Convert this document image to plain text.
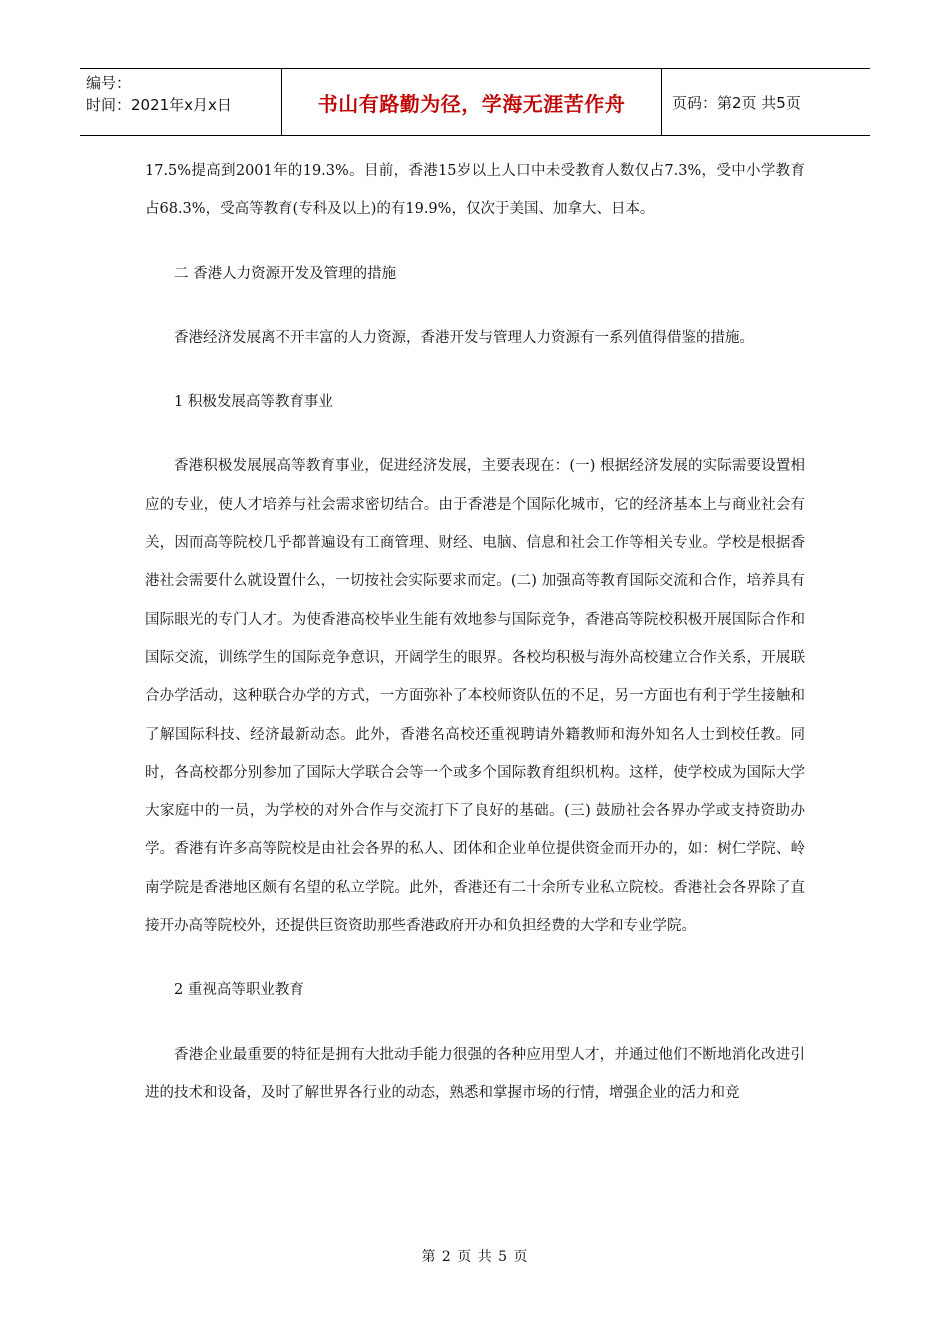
编号：
时间：2021年x月x日	书山有路勤为径，学海无涯苦作舟	页码：第2页 共5页

17.5%提高到2001年的19.3%。目前，香港15岁以上人口中未受教育人数仅占7.3%，受中小学教育占68.3%，受高等教育(专科及以上)的有19.9%，仅次于美国、加拿大、日本。

二 香港人力资源开发及管理的措施

香港经济发展离不开丰富的人力资源，香港开发与管理人力资源有一系列值得借鉴的措施。

1 积极发展高等教育事业

香港积极发展展高等教育事业，促进经济发展，主要表现在：(一) 根据经济发展的实际需要设置相应的专业，使人才培养与社会需求密切结合。由于香港是个国际化城市，它的经济基本上与商业社会有关，因而高等院校几乎都普遍设有工商管理、财经、电脑、信息和社会工作等相关专业。学校是根据香港社会需要什么就设置什么，一切按社会实际要求而定。(二) 加强高等教育国际交流和合作，培养具有国际眼光的专门人才。为使香港高校毕业生能有效地参与国际竞争，香港高等院校积极开展国际合作和国际交流，训练学生的国际竞争意识，开阔学生的眼界。各校均积极与海外高校建立合作关系，开展联合办学活动，这种联合办学的方式，一方面弥补了本校师资队伍的不足，另一方面也有利于学生接触和了解国际科技、经济最新动态。此外，香港名高校还重视聘请外籍教师和海外知名人士到校任教。同时，各高校都分别参加了国际大学联合会等一个或多个国际教育组织机构。这样，使学校成为国际大学大家庭中的一员，为学校的对外合作与交流打下了良好的基础。(三) 鼓励社会各界办学或支持资助办学。香港有许多高等院校是由社会各界的私人、团体和企业单位提供资金而开办的，如：树仁学院、岭南学院是香港地区颇有名望的私立学院。此外，香港还有二十余所专业私立院校。香港社会各界除了直接开办高等院校外，还提供巨资资助那些香港政府开办和负担经费的大学和专业学院。

2 重视高等职业教育

香港企业最重要的特征是拥有大批动手能力很强的各种应用型人才，并通过他们不断地消化改进引进的技术和设备，及时了解世界各行业的动态，熟悉和掌握市场的行情，增强企业的活力和竞

第 2 页 共 5 页
